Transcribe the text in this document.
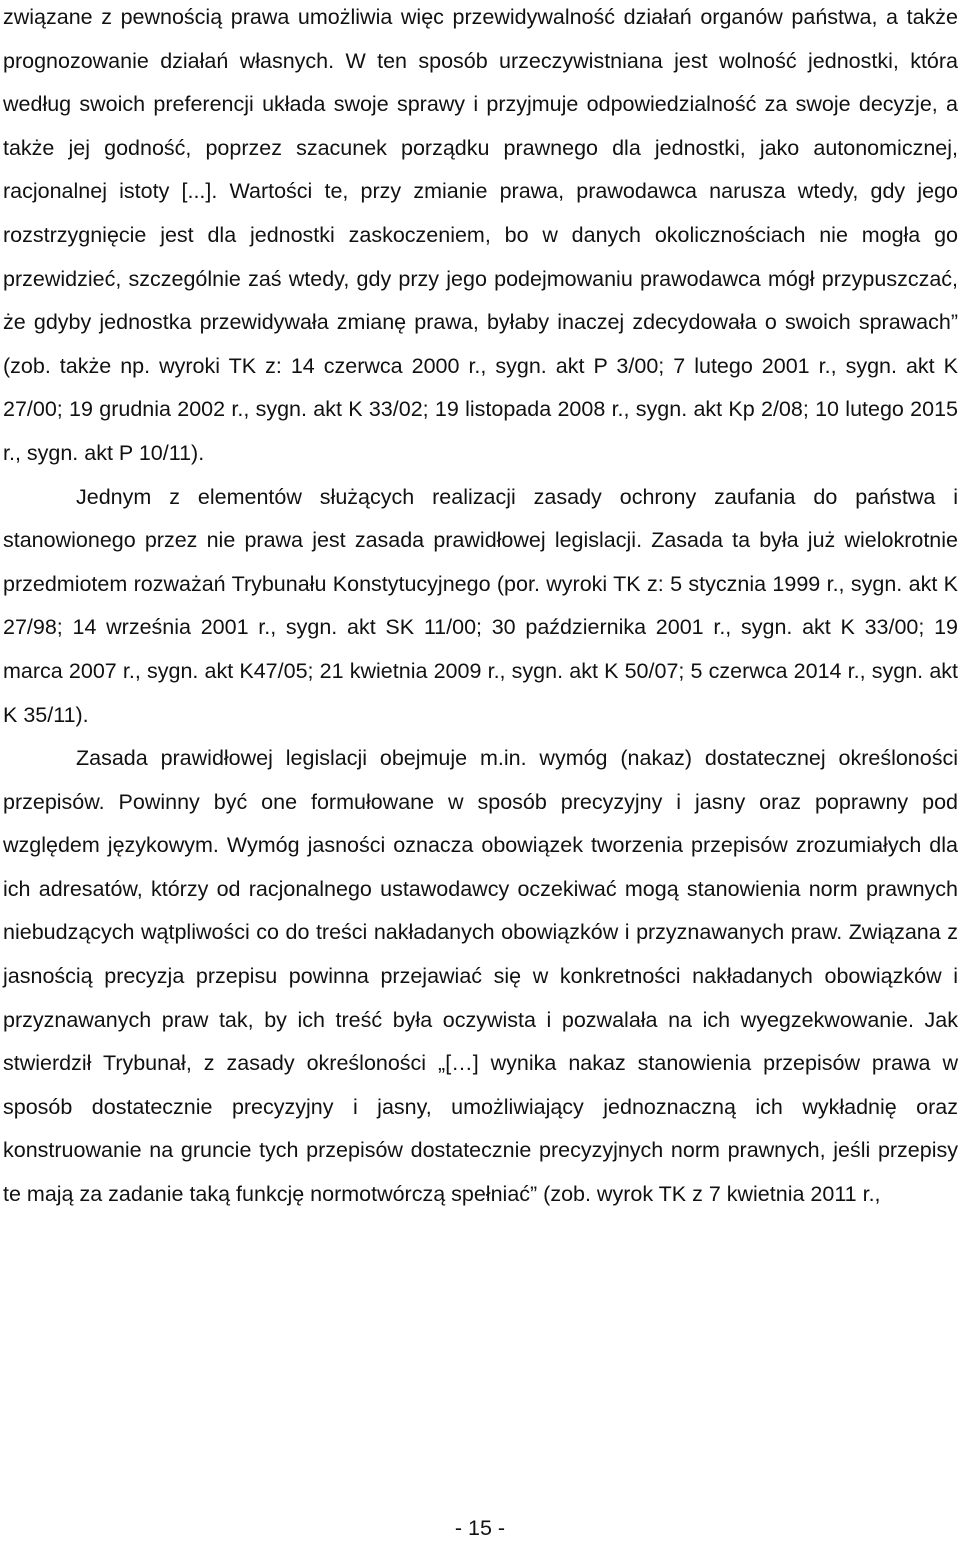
związane z pewnością prawa umożliwia więc przewidywalność działań organów państwa, a także prognozowanie działań własnych. W ten sposób urzeczywistniana jest wolność jednostki, która według swoich preferencji układa swoje sprawy i przyjmuje odpowiedzialność za swoje decyzje, a także jej godność, poprzez szacunek porządku prawnego dla jednostki, jako autonomicznej, racjonalnej istoty [...]. Wartości te, przy zmianie prawa, prawodawca narusza wtedy, gdy jego rozstrzygnięcie jest dla jednostki zaskoczeniem, bo w danych okolicznościach nie mogła go przewidzieć, szczególnie zaś wtedy, gdy przy jego podejmowaniu prawodawca mógł przypuszczać, że gdyby jednostka przewidywała zmianę prawa, byłaby inaczej zdecydowała o swoich sprawach” (zob. także np. wyroki TK z: 14 czerwca 2000 r., sygn. akt P 3/00; 7 lutego 2001 r., sygn. akt K 27/00; 19 grudnia 2002 r., sygn. akt K 33/02; 19 listopada 2008 r., sygn. akt Kp 2/08; 10 lutego 2015 r., sygn. akt P 10/11).

Jednym z elementów służących realizacji zasady ochrony zaufania do państwa i stanowionego przez nie prawa jest zasada prawidłowej legislacji. Zasada ta była już wielokrotnie przedmiotem rozważań Trybunału Konstytucyjnego (por. wyroki TK z: 5 stycznia 1999 r., sygn. akt K 27/98; 14 września 2001 r., sygn. akt SK 11/00; 30 października 2001 r., sygn. akt K 33/00; 19 marca 2007 r., sygn. akt K47/05; 21 kwietnia 2009 r., sygn. akt K 50/07; 5 czerwca 2014 r., sygn. akt K 35/11).

Zasada prawidłowej legislacji obejmuje m.in. wymóg (nakaz) dostatecznej określoności przepisów. Powinny być one formułowane w sposób precyzyjny i jasny oraz poprawny pod względem językowym. Wymóg jasności oznacza obowiązek tworzenia przepisów zrozumiałych dla ich adresatów, którzy od racjonalnego ustawodawcy oczekiwać mogą stanowienia norm prawnych niebudzących wątpliwości co do treści nakładanych obowiązków i przyznawanych praw. Związana z jasnością precyzja przepisu powinna przejawiać się w konkretności nakładanych obowiązków i przyznawanych praw tak, by ich treść była oczywista i pozwalała na ich wyegzekwowanie. Jak stwierdził Trybunał, z zasady określoności „[…] wynika nakaz stanowienia przepisów prawa w sposób dostatecznie precyzyjny i jasny, umożliwiający jednoznaczną ich wykładnię oraz konstruowanie na gruncie tych przepisów dostatecznie precyzyjnych norm prawnych, jeśli przepisy te mają za zadanie taką funkcję normotwórczą spełniać” (zob. wyrok TK z 7 kwietnia 2011 r.,

- 15 -
